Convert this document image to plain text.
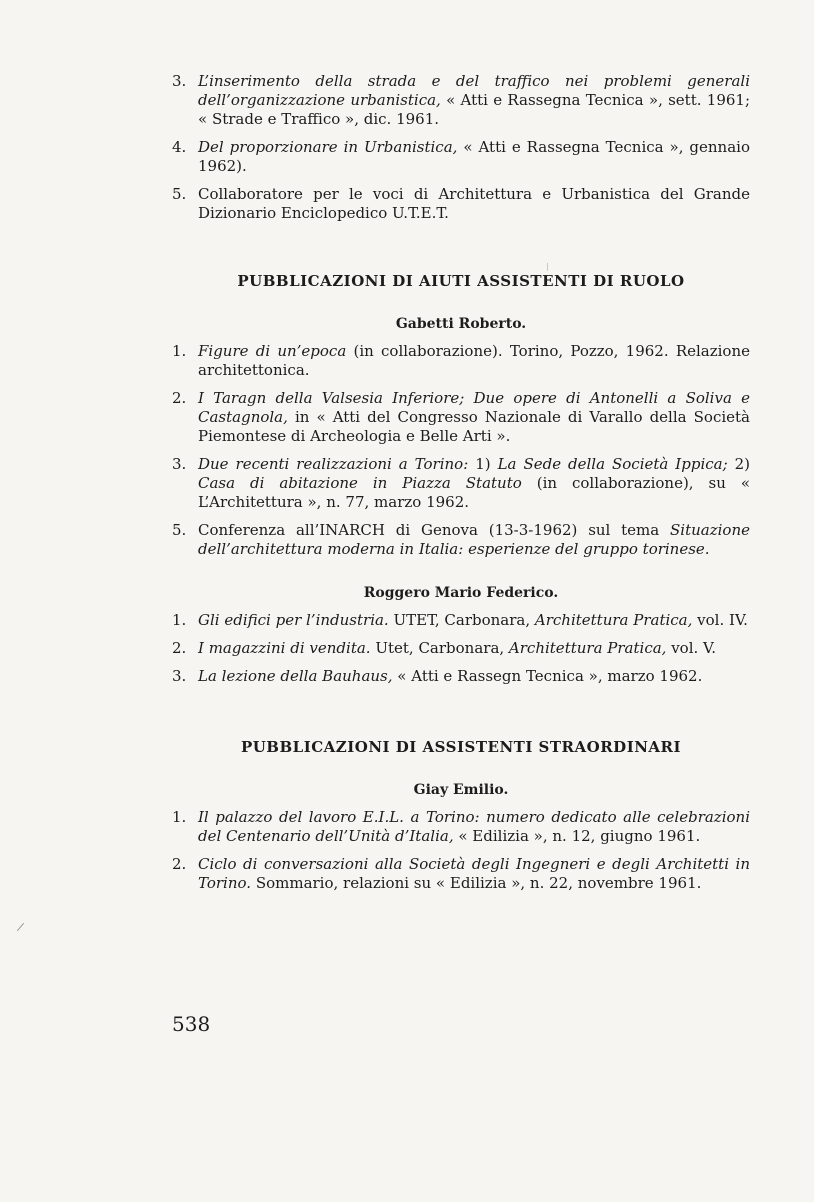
3. L’inserimento della strada e del traffico nei problemi generali dell’organizzazione urbanistica, « Atti e Rassegna Tecnica », sett. 1961; « Strade e Traffico », dic. 1961.
4. Del proporzionare in Urbanistica, « Atti e Rassegna Tecnica », gennaio 1962).
5. Collaboratore per le voci di Architettura e Urbanistica del Grande Dizionario Enciclopedico U.T.E.T.
PUBBLICAZIONI DI AIUTI ASSISTENTI DI RUOLO
Gabetti Roberto.
1. Figure di un’epoca (in collaborazione). Torino, Pozzo, 1962. Relazione architettonica.
2. I Taragn della Valsesia Inferiore; Due opere di Antonelli a Soliva e Castagnola, in « Atti del Congresso Nazionale di Varallo della Società Piemontese di Archeologia e Belle Arti ».
3. Due recenti realizzazioni a Torino: 1) La Sede della Società Ippica; 2) Casa di abitazione in Piazza Statuto (in collaborazione), su « L’Architettura », n. 77, marzo 1962.
5. Conferenza all’INARCH di Genova (13-3-1962) sul tema Situazione dell’architettura moderna in Italia: esperienze del gruppo torinese.
Roggero Mario Federico.
1. Gli edifici per l’industria. UTET, Carbonara, Architettura Pratica, vol. IV.
2. I magazzini di vendita. Utet, Carbonara, Architettura Pratica, vol. V.
3. La lezione della Bauhaus, « Atti e Rassegn Tecnica », marzo 1962.
PUBBLICAZIONI DI ASSISTENTI STRAORDINARI
Giay Emilio.
1. Il palazzo del lavoro E.I.L. a Torino: numero dedicato alle celebrazioni del Centenario dell’Unità d’Italia, « Edilizia », n. 12, giugno 1961.
2. Ciclo di conversazioni alla Società degli Ingegneri e degli Architetti in Torino. Sommario, relazioni su « Edilizia », n. 22, novembre 1961.
538
